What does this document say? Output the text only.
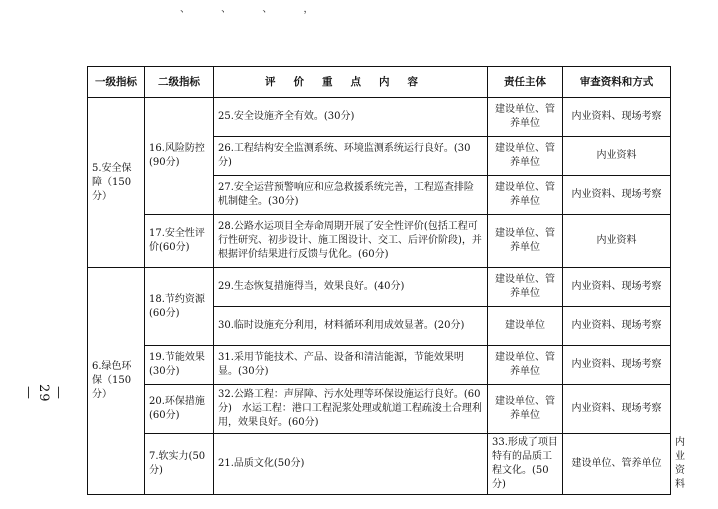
、 、 、 ，
—
29
—
一级指标	二级指标	评价重点内容	责任主体	审查资料和方式	
5.安全保障（150分）	16.风险防控(90分)	25.安全设施齐全有效。(30分)	建设单位、管养单位	内业资料、现场考察	
		26.工程结构安全监测系统、环境监测系统运行良好。(30分)	建设单位、管养单位	内业资料	
		27.安全运营预警响应和应急救援系统完善，工程巡查排险机制健全。(30分)	建设单位、管养单位	内业资料、现场考察	
	17.安全性评价(60分)	28.公路水运项目全寿命周期开展了安全性评价(包括工程可行性研究、初步设计、施工图设计、交工、后评价阶段)，并根据评价结果进行反馈与优化。(60分)	建设单位、管养单位	内业资料	
6.绿色环保（150分）	18.节约资源(60分)	29.生态恢复措施得当，效果良好。(40分)	建设单位、管养单位	内业资料、现场考察	
		30.临时设施充分利用，材料循环利用成效显著。(20分)	建设单位	内业资料、现场考察	
	19.节能效果(30分)	31.采用节能技术、产品、设备和清洁能源，节能效果明显。(30分)	建设单位、管养单位	内业资料、现场考察	
	20.环保措施(60分)	32.公路工程：声屏障、污水处理等环保设施运行良好。(60分)　水运工程：港口工程泥浆处理或航道工程疏浚土合理利用，效果良好。(60分)	建设单位、管养单位	内业资料、现场考察	
	7.软实力(50分)	21.品质文化(50分)	33.形成了项目特有的品质工程文化。(50分)	建设单位、管养单位	内业资料
